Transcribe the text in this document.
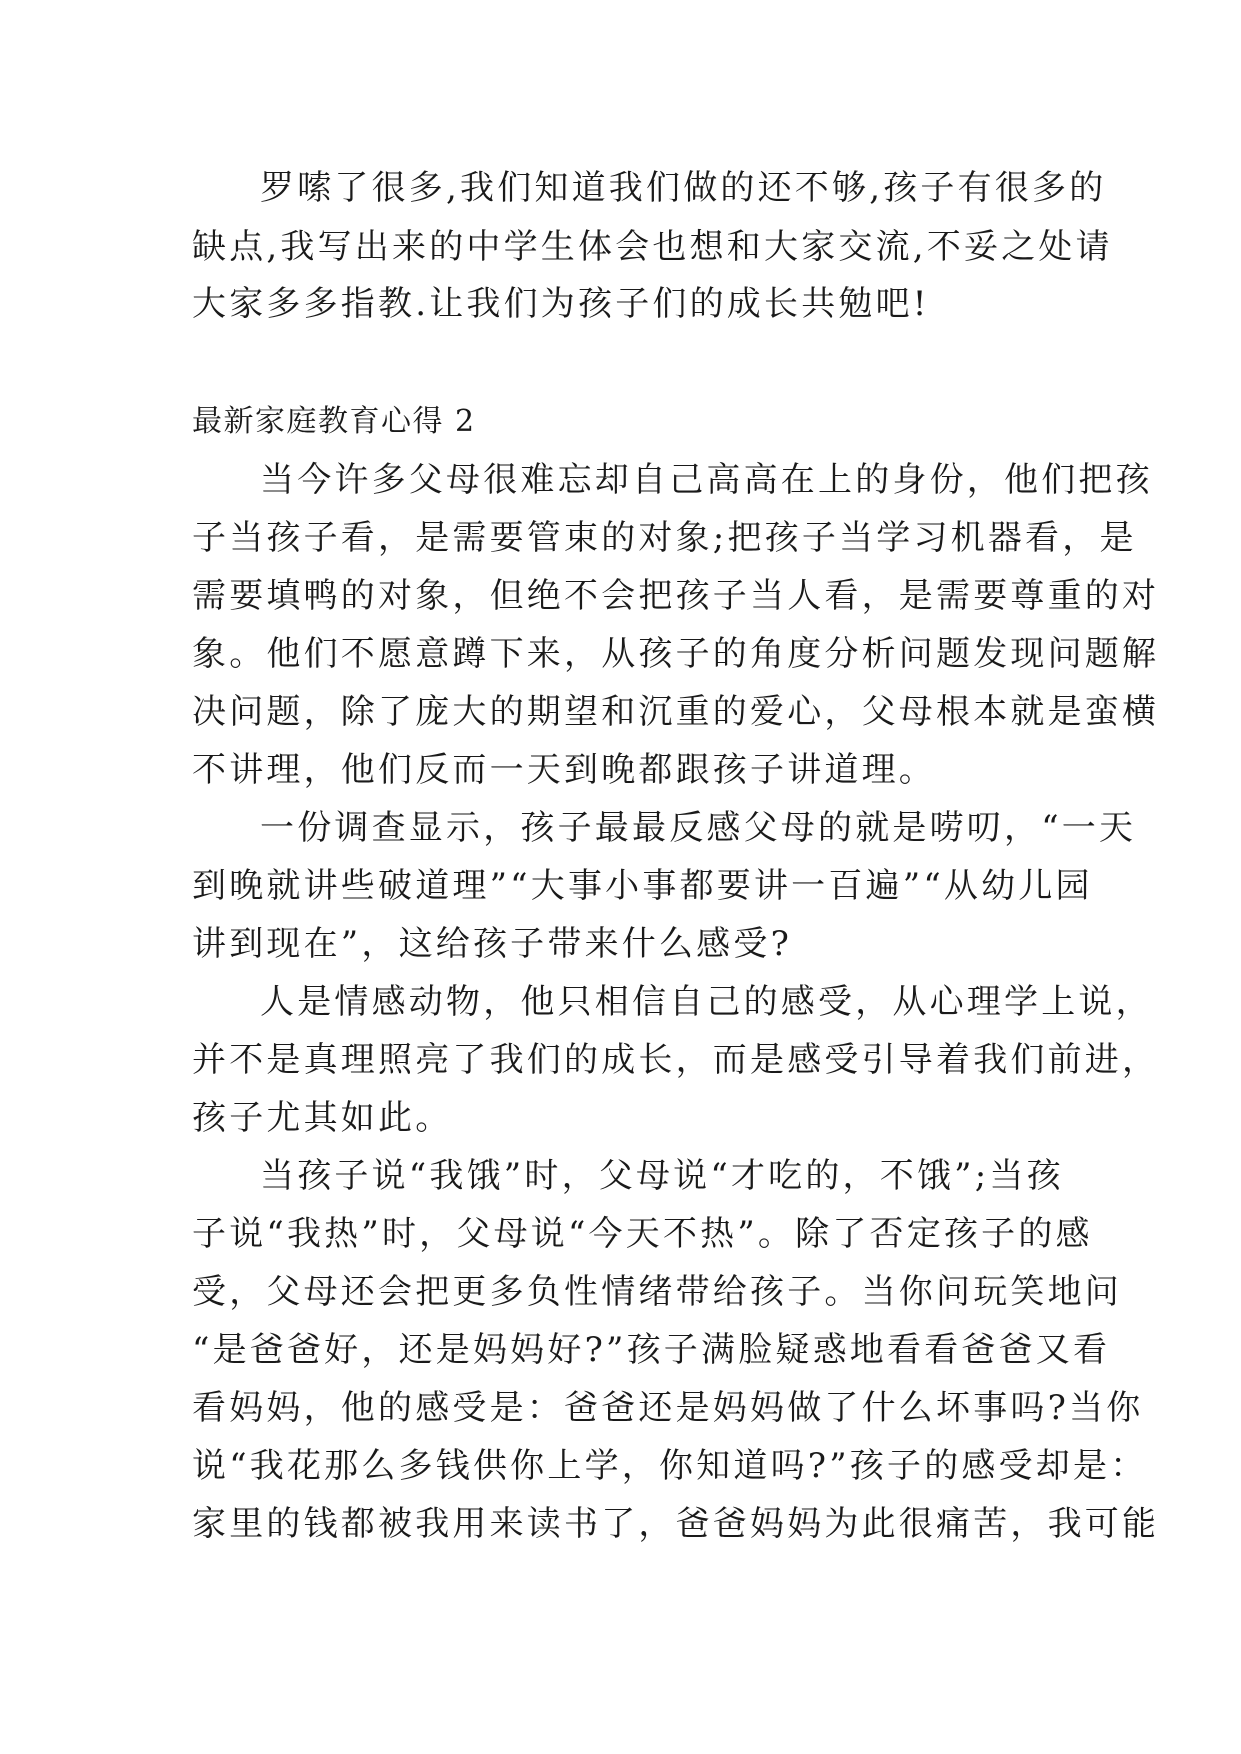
罗嗦了很多,我们知道我们做的还不够,孩子有很多的
缺点,我写出来的中学生体会也想和大家交流,不妥之处请
大家多多指教.让我们为孩子们的成长共勉吧!
最新家庭教育心得 2
当今许多父母很难忘却自己高高在上的身份，他们把孩
子当孩子看，是需要管束的对象;把孩子当学习机器看，是
需要填鸭的对象，但绝不会把孩子当人看，是需要尊重的对
象。他们不愿意蹲下来，从孩子的角度分析问题发现问题解
决问题，除了庞大的期望和沉重的爱心，父母根本就是蛮横
不讲理，他们反而一天到晚都跟孩子讲道理。
一份调查显示，孩子最最反感父母的就是唠叨，“一天
到晚就讲些破道理”“大事小事都要讲一百遍”“从幼儿园
讲到现在”，这给孩子带来什么感受?
人是情感动物，他只相信自己的感受，从心理学上说，
并不是真理照亮了我们的成长，而是感受引导着我们前进，
孩子尤其如此。
当孩子说“我饿”时，父母说“才吃的，不饿”;当孩
子说“我热”时，父母说“今天不热”。除了否定孩子的感
受，父母还会把更多负性情绪带给孩子。当你问玩笑地问
“是爸爸好，还是妈妈好?”孩子满脸疑惑地看看爸爸又看
看妈妈，他的感受是：爸爸还是妈妈做了什么坏事吗?当你
说“我花那么多钱供你上学，你知道吗?”孩子的感受却是：
家里的钱都被我用来读书了，爸爸妈妈为此很痛苦，我可能
